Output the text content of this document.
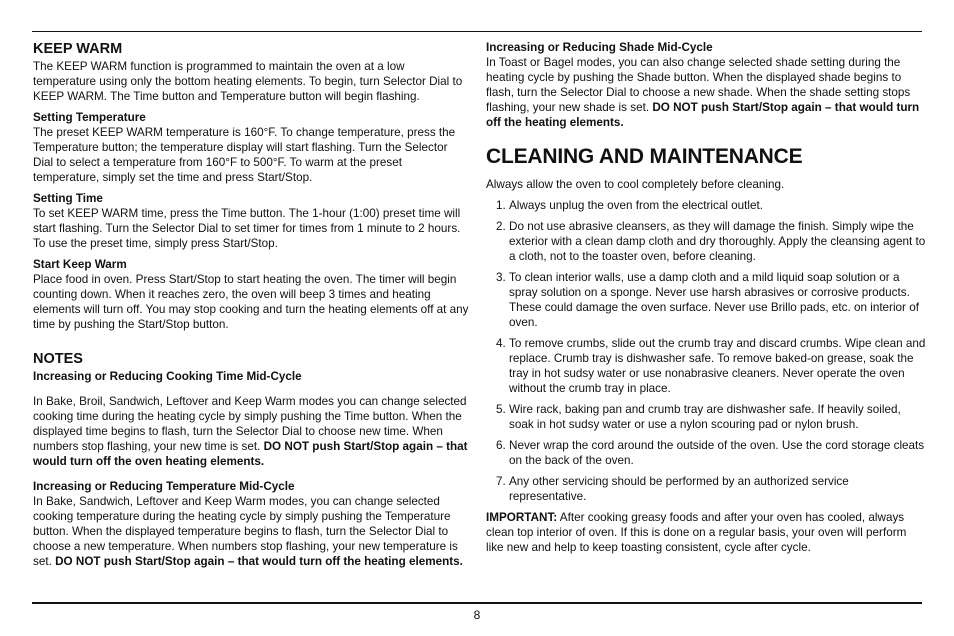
KEEP WARM

The KEEP WARM function is programmed to maintain the oven at a low temperature using only the bottom heating elements. To begin, turn Selector Dial to KEEP WARM. The Time button and Temperature button will begin flashing.

Setting Temperature

The preset KEEP WARM temperature is 160°F. To change temperature, press the Temperature button; the temperature display will start flashing. Turn the Selector Dial to select a temperature from 160°F to 500°F. To warm at the preset temperature, simply set the time and press Start/Stop.

Setting Time

To set KEEP WARM time, press the Time button. The 1-hour (1:00) preset time will start flashing. Turn the Selector Dial to set timer for times from 1 minute to 2 hours. To use the preset time, simply press Start/Stop.

Start Keep Warm

Place food in oven. Press Start/Stop to start heating the oven. The timer will begin counting down. When it reaches zero, the oven will beep 3 times and heating elements will turn off. You may stop cooking and turn the heating elements off at any time by pushing the Start/Stop button.

NOTES
Increasing or Reducing Cooking Time Mid-Cycle

In Bake, Broil, Sandwich, Leftover and Keep Warm modes you can change selected cooking time during the heating cycle by simply pushing the Time button. When the displayed time begins to flash, turn the Selector Dial to choose new time. When numbers stop flashing, your new time is set. DO NOT push Start/Stop again – that would turn off the oven heating elements.

Increasing or Reducing Temperature Mid-Cycle

In Bake, Sandwich, Leftover and Keep Warm modes, you can change selected cooking temperature during the heating cycle by simply pushing the Temperature button. When the displayed temperature begins to flash, turn the Selector Dial to choose a new temperature. When numbers stop flashing, your new temperature is set. DO NOT push Start/Stop again – that would turn off the heating elements.

Increasing or Reducing Shade Mid-Cycle

In Toast or Bagel modes, you can also change selected shade setting during the heating cycle by pushing the Shade button. When the displayed shade begins to flash, turn the Selector Dial to choose a new shade. When the shade setting stops flashing, your new shade is set. DO NOT push Start/Stop again – that would turn off the heating elements.

CLEANING AND MAINTENANCE

Always allow the oven to cool completely before cleaning.

1. Always unplug the oven from the electrical outlet.
2. Do not use abrasive cleansers, as they will damage the finish. Simply wipe the exterior with a clean damp cloth and dry thoroughly. Apply the cleansing agent to a cloth, not to the toaster oven, before cleaning.
3. To clean interior walls, use a damp cloth and a mild liquid soap solution or a spray solution on a sponge. Never use harsh abrasives or corrosive products. These could damage the oven surface. Never use Brillo pads, etc. on interior of oven.
4. To remove crumbs, slide out the crumb tray and discard crumbs. Wipe clean and replace. Crumb tray is dishwasher safe. To remove baked-on grease, soak the tray in hot sudsy water or use nonabrasive cleaners. Never operate the oven without the crumb tray in place.
5. Wire rack, baking pan and crumb tray are dishwasher safe. If heavily soiled, soak in hot sudsy water or use a nylon scouring pad or nylon brush.
6. Never wrap the cord around the outside of the oven. Use the cord storage cleats on the back of the oven.
7. Any other servicing should be performed by an authorized service representative.

IMPORTANT: After cooking greasy foods and after your oven has cooled, always clean top interior of oven. If this is done on a regular basis, your oven will perform like new and help to keep toasting consistent, cycle after cycle.

8
